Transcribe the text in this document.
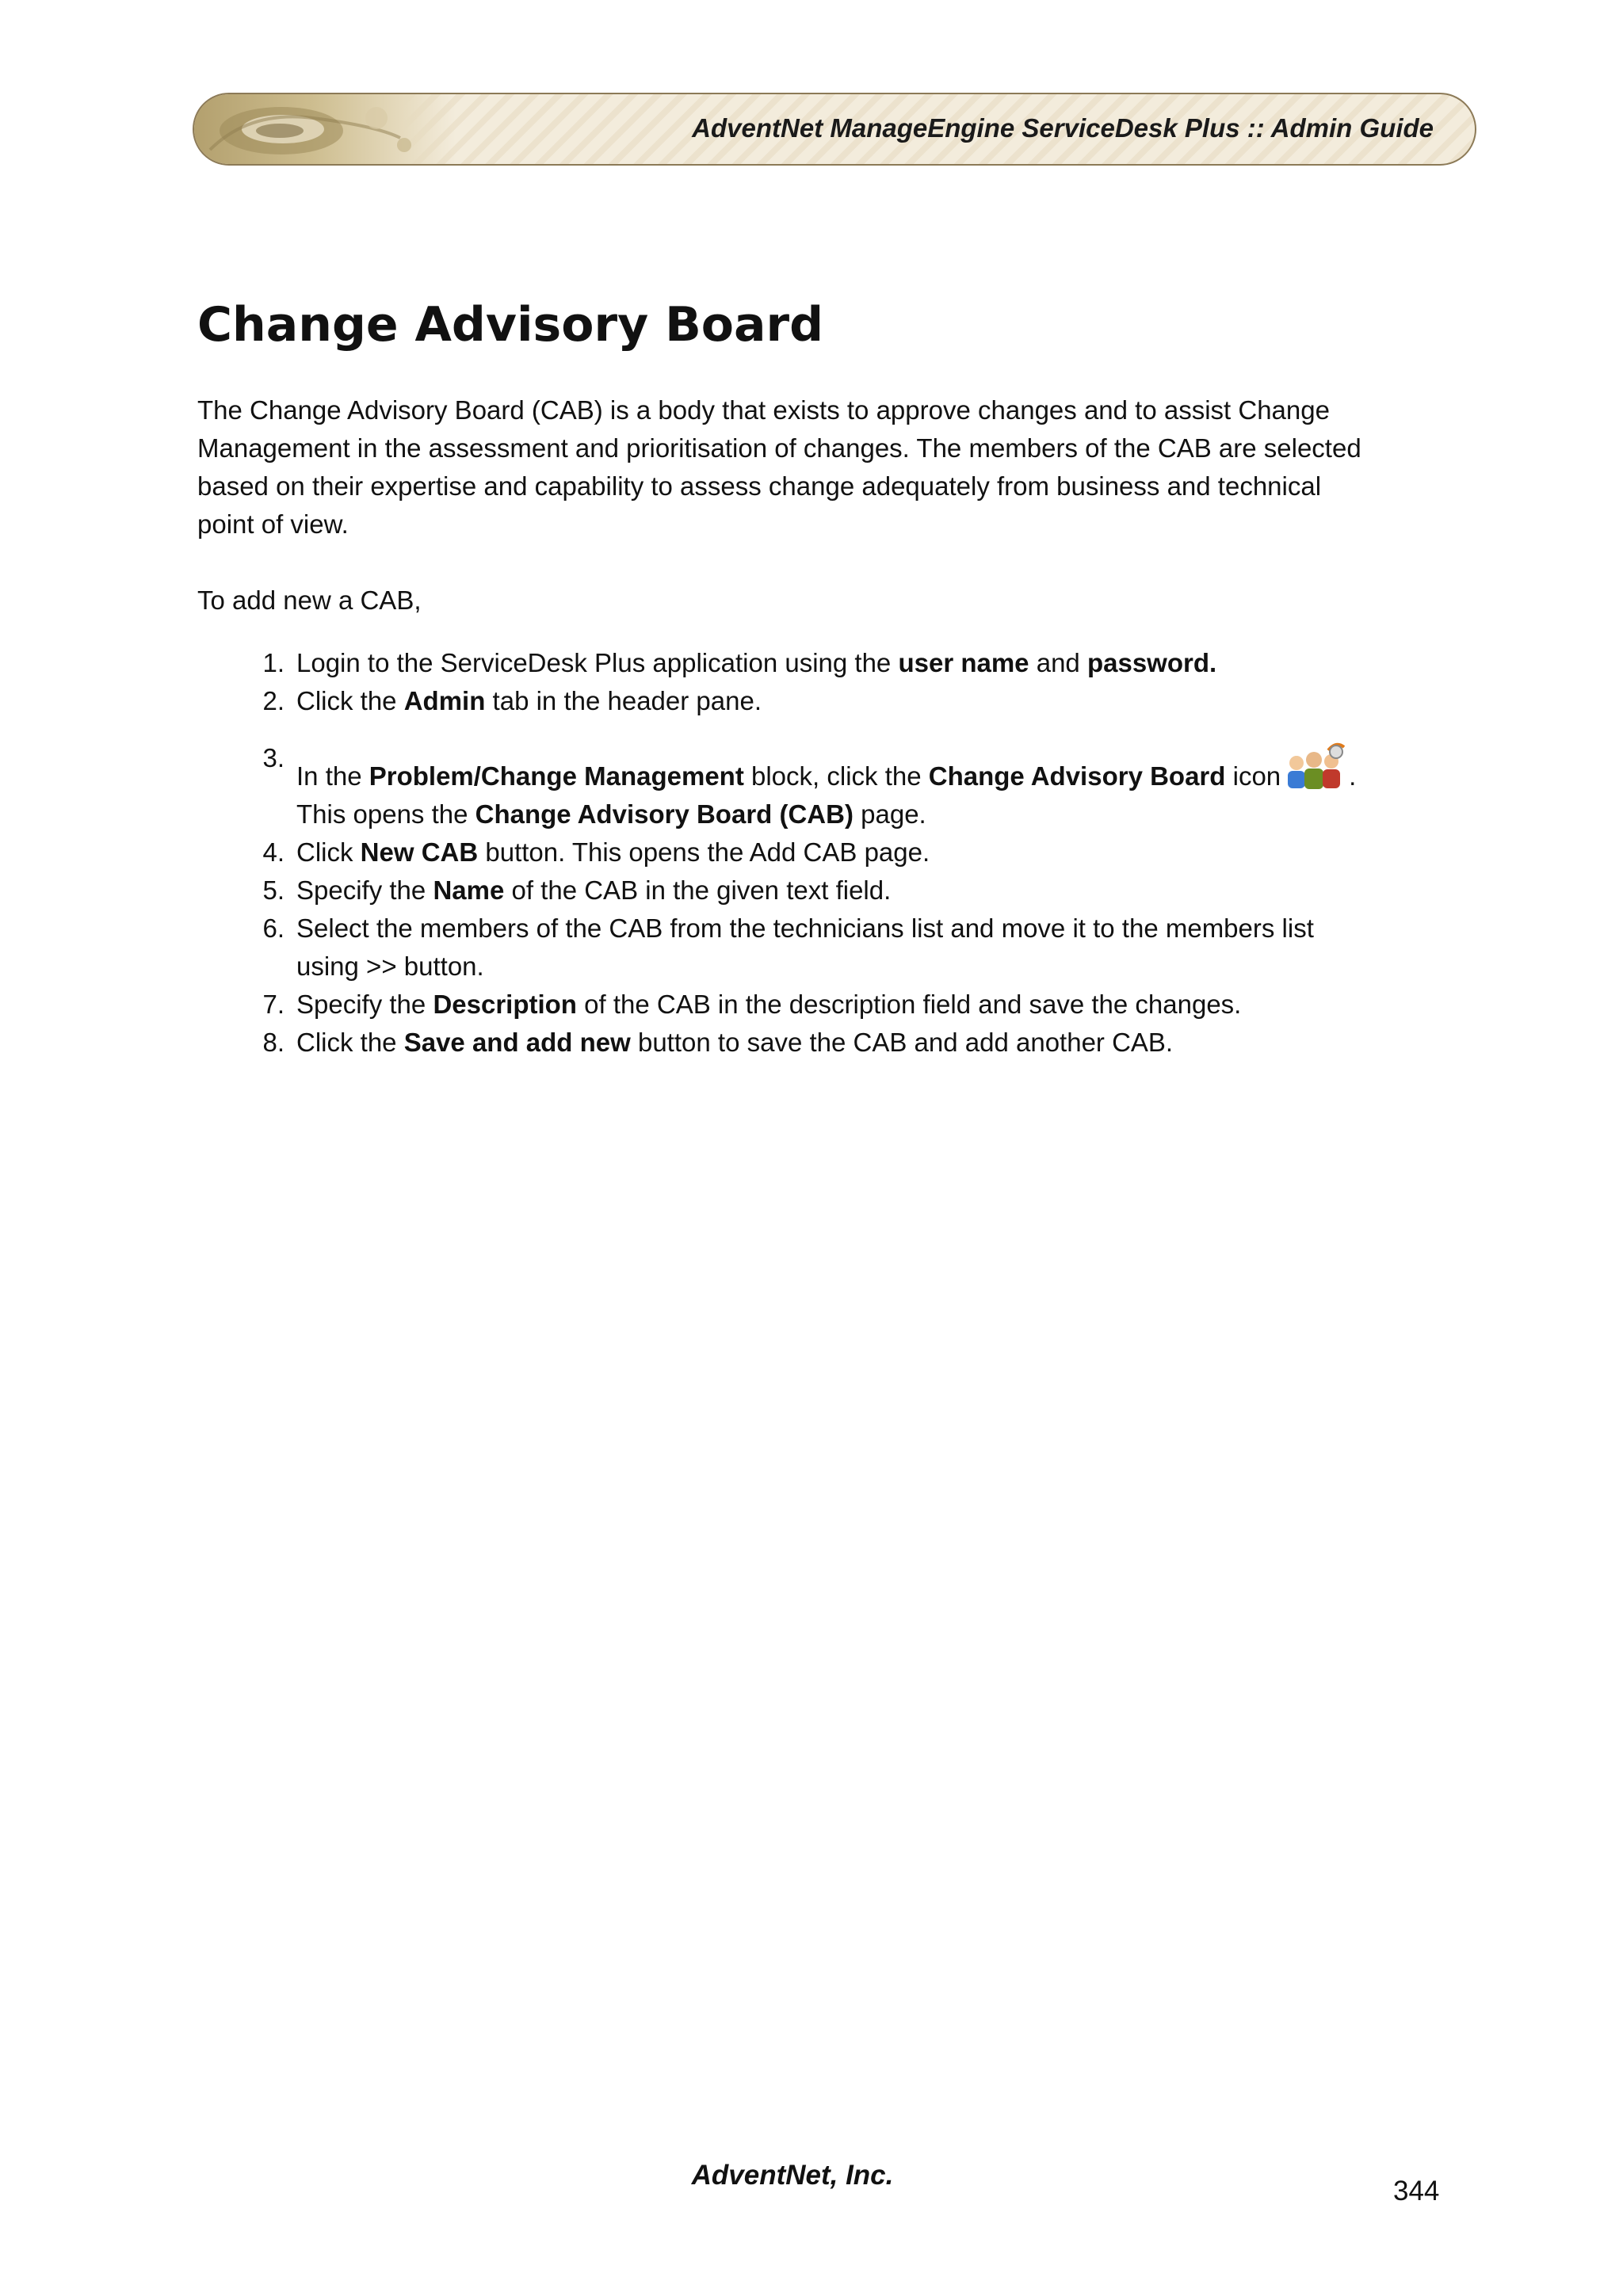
AdventNet ManageEngine ServiceDesk Plus :: Admin Guide
Change Advisory Board
The Change Advisory Board (CAB) is a body that exists to approve changes and to assist Change
Management in the assessment and prioritisation of changes. The members of the CAB are selected
based on their expertise and capability to assess change adequately from business and technical
point of view.
To add new a CAB,
1. Login to the ServiceDesk Plus application using the user name and password.
2. Click the Admin tab in the header pane.
3.
In the Problem/Change Management block, click the Change Advisory Board icon	.
This opens the Change Advisory Board (CAB) page.
4. Click New CAB button. This opens the Add CAB page.
5. Specify the Name of the CAB in the given text field.
6. Select the members of the CAB from the technicians list and move it to the members list
using >> button.
7. Specify the Description of the CAB in the description field and save the changes.
8. Click the Save and add new button to save the CAB and add another CAB.
AdventNet, Inc.
344
